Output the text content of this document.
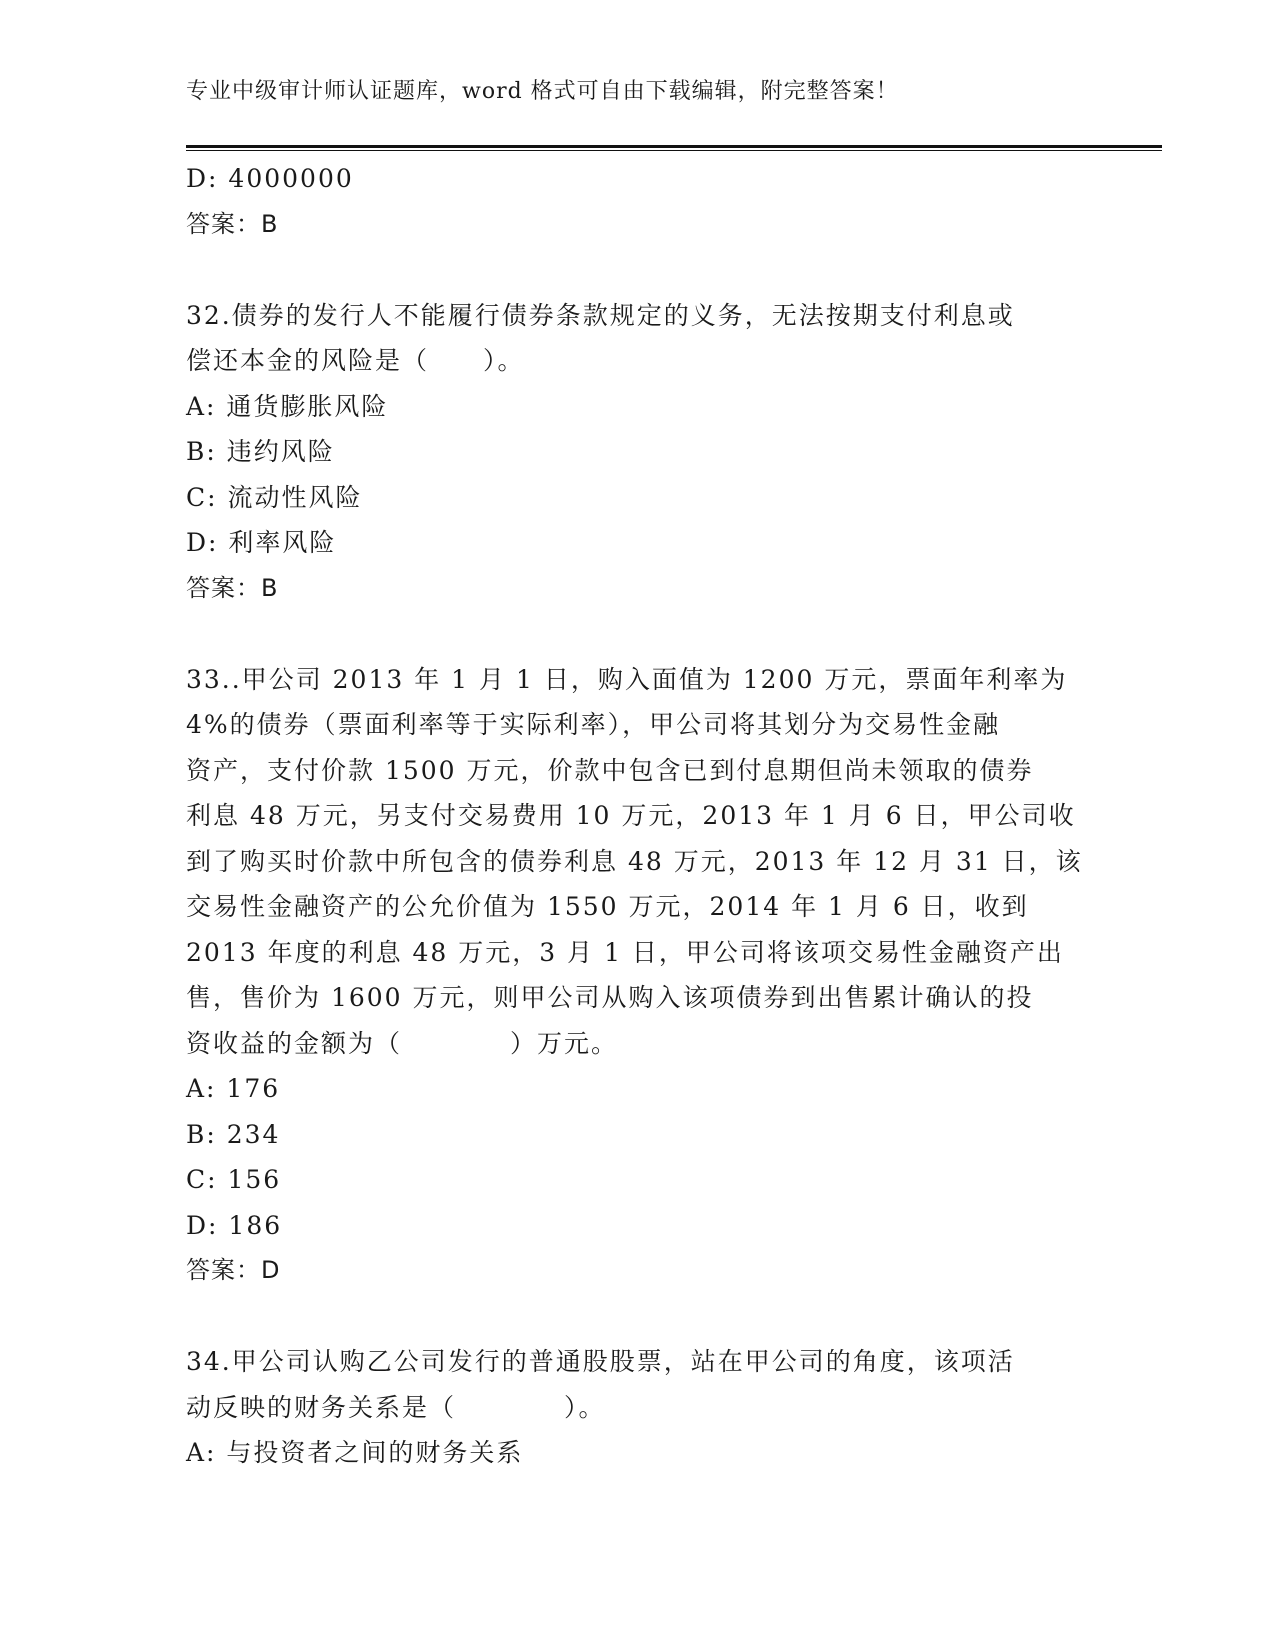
专业中级审计师认证题库，word 格式可自由下载编辑，附完整答案！
D: 4000000
答案：B
32.债券的发行人不能履行债券条款规定的义务，无法按期支付利息或
偿还本金的风险是（　　）。
A: 通货膨胀风险
B: 违约风险
C: 流动性风险
D: 利率风险
答案：B
33..甲公司 2013 年 1 月 1 日，购入面值为 1200 万元，票面年利率为
4%的债券（票面利率等于实际利率），甲公司将其划分为交易性金融
资产，支付价款 1500 万元，价款中包含已到付息期但尚未领取的债券
利息 48 万元，另支付交易费用 10 万元，2013 年 1 月 6 日，甲公司收
到了购买时价款中所包含的债券利息 48 万元，2013 年 12 月 31 日，该
交易性金融资产的公允价值为 1550 万元，2014 年 1 月 6 日，收到
2013 年度的利息 48 万元，3 月 1 日，甲公司将该项交易性金融资产出
售，售价为 1600 万元，则甲公司从购入该项债券到出售累计确认的投
资收益的金额为（　　　　）万元。
A: 176
B: 234
C: 156
D: 186
答案：D
34.甲公司认购乙公司发行的普通股股票，站在甲公司的角度，该项活
动反映的财务关系是（　　　　）。
A: 与投资者之间的财务关系
